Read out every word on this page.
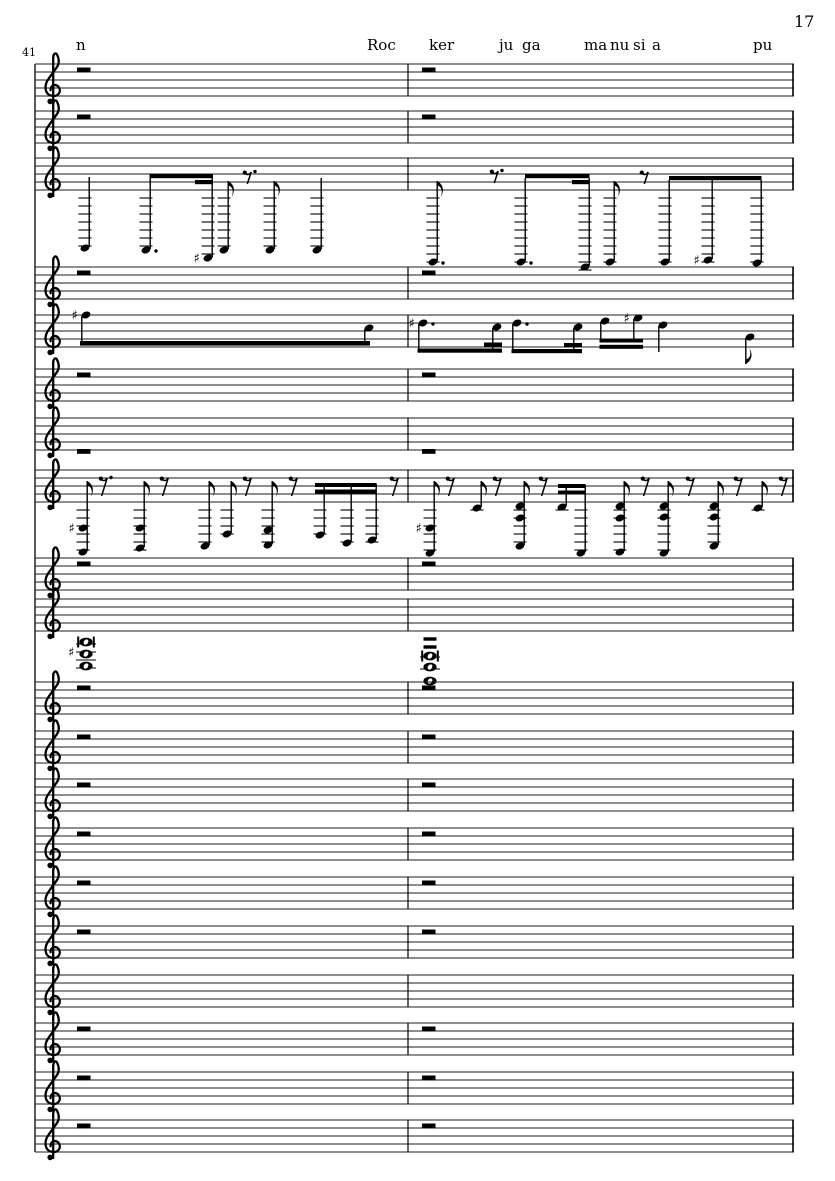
♯	♯
♯
♯	♯
♯	♯
♯
17
41	n	Roc ker	ju ga	ma nu si a	pu
